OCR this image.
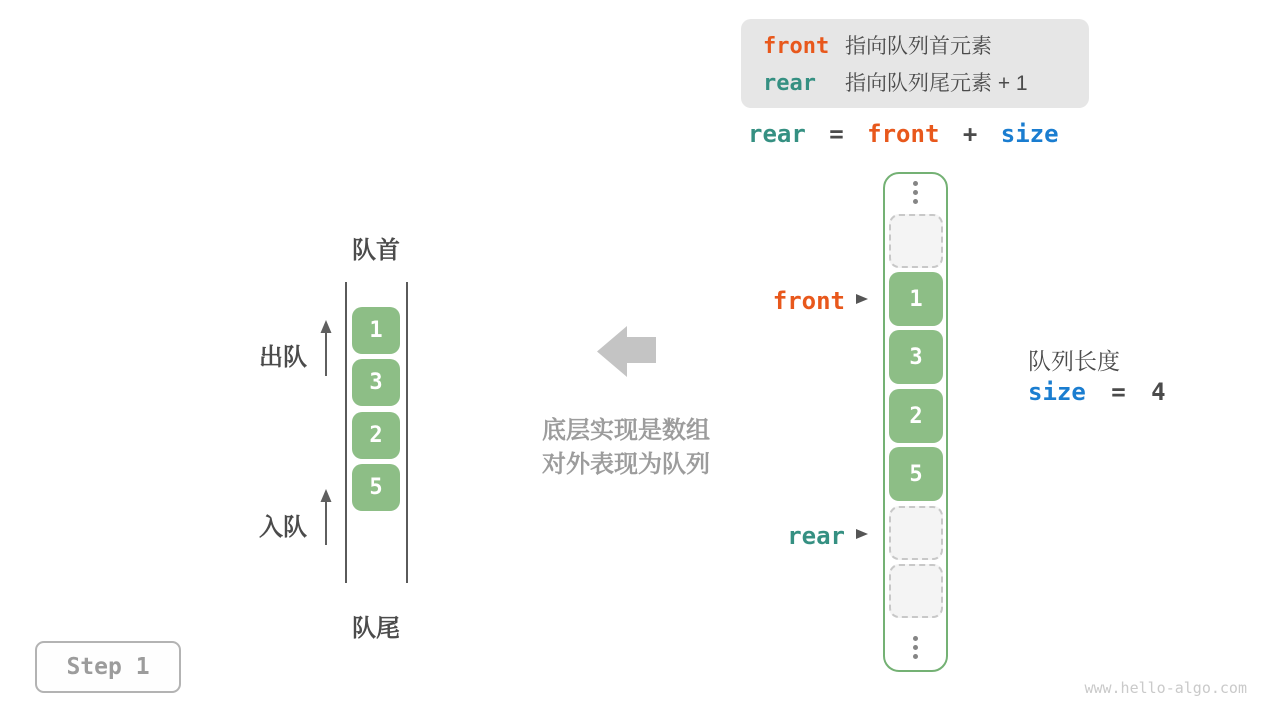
front 指向队列首元素
rear	指向队列尾元素 + 1
rear = front + size
队首
1
3
2
5
出队
入队
队尾
底层实现是数组
对外表现为队列
1
3
2
5
front
rear
队列长度
size = 4
Step 1
www.hello-algo.com
